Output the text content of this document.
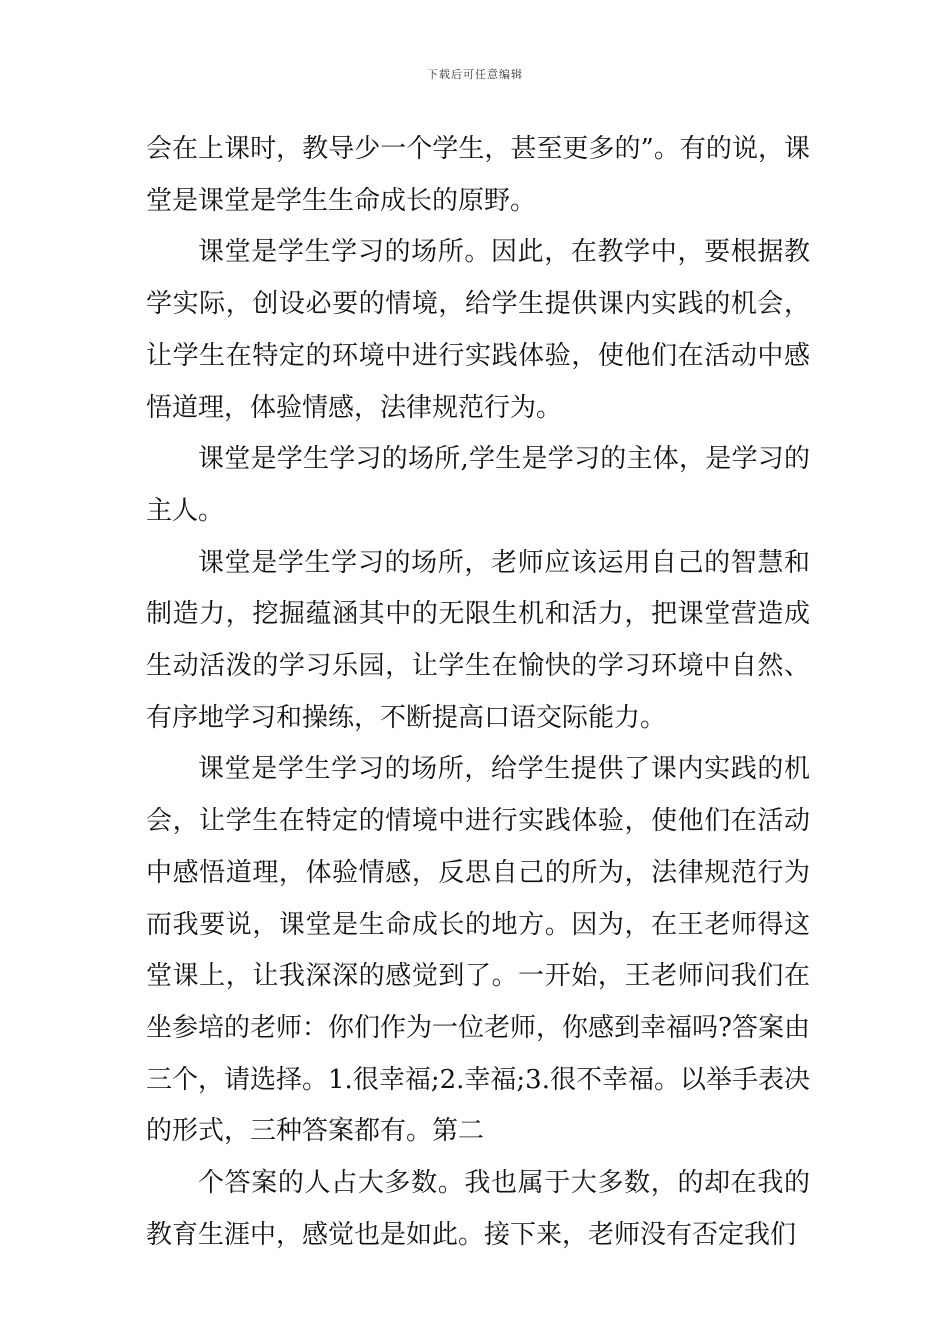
下载后可任意编辑

会在上课时，教导少一个学生，甚至更多的”。有的说，课堂是课堂是学生生命成长的原野。

课堂是学生学习的场所。因此，在教学中，要根据教学实际，创设必要的情境，给学生提供课内实践的机会，让学生在特定的环境中进行实践体验，使他们在活动中感悟道理，体验情感，法律规范行为。

课堂是学生学习的场所,学生是学习的主体，是学习的主人。

课堂是学生学习的场所，老师应该运用自己的智慧和制造力，挖掘蕴涵其中的无限生机和活力，把课堂营造成生动活泼的学习乐园，让学生在愉快的学习环境中自然、有序地学习和操练，不断提高口语交际能力。

课堂是学生学习的场所，给学生提供了课内实践的机会，让学生在特定的情境中进行实践体验，使他们在活动中感悟道理，体验情感，反思自己的所为，法律规范行为而我要说，课堂是生命成长的地方。因为，在王老师得这堂课上，让我深深的感觉到了。一开始，王老师问我们在坐参培的老师：你们作为一位老师，你感到幸福吗?答案由三个，请选择。1.很幸福;2.幸福;3.很不幸福。以举手表决的形式，三种答案都有。第二

个答案的人占大多数。我也属于大多数，的却在我的教育生涯中，感觉也是如此。接下来，老师没有否定我们
